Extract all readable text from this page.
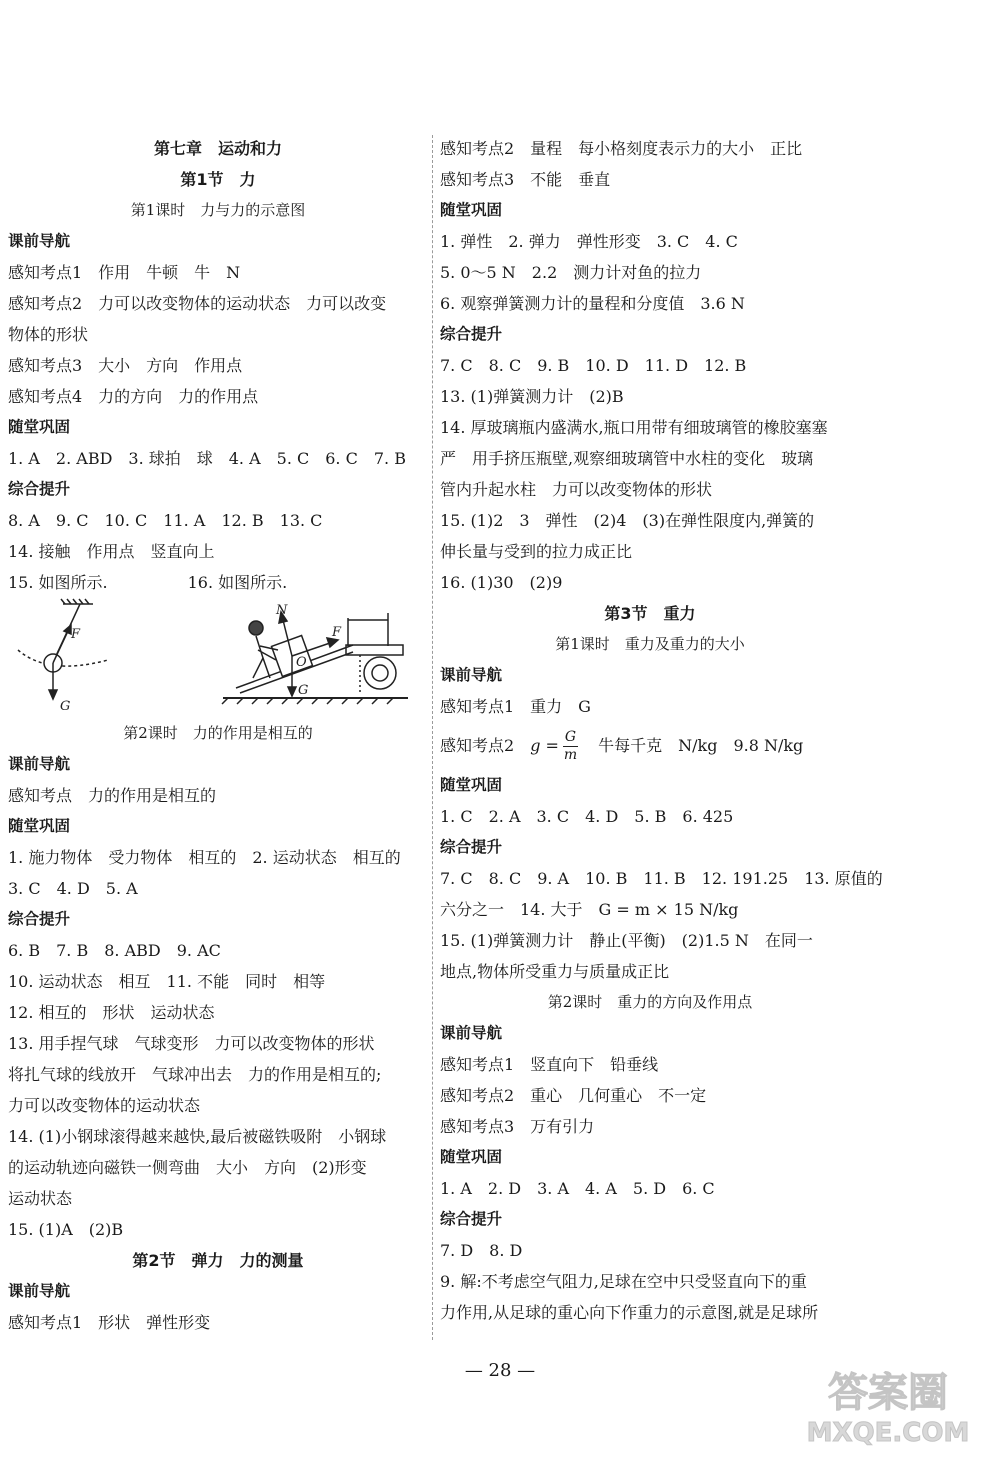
第七章　运动和力
第1节　力
第1课时　力与力的示意图
课前导航
感知考点1　作用　牛顿　牛　N
感知考点2　力可以改变物体的运动状态　力可以改变
物体的形状
感知考点3　大小　方向　作用点
感知考点4　力的方向　力的作用点
随堂巩固
1. A　2. ABD　3. 球拍　球　4. A　5. C　6. C　7. B
综合提升
8. A　9. C　10. C　11. A　12. B　13. C
14. 接触　作用点　竖直向上
15. 如图所示.　　　　　16. 如图所示.
F
G
N
F
G
O
第2课时　力的作用是相互的
课前导航
感知考点　力的作用是相互的
随堂巩固
1. 施力物体　受力物体　相互的　2. 运动状态　相互的
3. C　4. D　5. A
综合提升
6. B　7. B　8. ABD　9. AC
10. 运动状态　相互　11. 不能　同时　相等
12. 相互的　形状　运动状态
13. 用手捏气球　气球变形　力可以改变物体的形状
将扎气球的线放开　气球冲出去　力的作用是相互的;
力可以改变物体的运动状态
14. (1)小钢球滚得越来越快,最后被磁铁吸附　小钢球
的运动轨迹向磁铁一侧弯曲　大小　方向　(2)形变
运动状态
15. (1)A　(2)B
第2节　弹力　力的测量
课前导航
感知考点1　形状　弹性形变
感知考点2　量程　每小格刻度表示力的大小　正比
感知考点3　不能　垂直
随堂巩固
1. 弹性　2. 弹力　弹性形变　3. C　4. C
5. 0～5 N　2.2　测力计对鱼的拉力
6. 观察弹簧测力计的量程和分度值　3.6 N
综合提升
7. C　8. C　9. B　10. D　11. D　12. B
13. (1)弹簧测力计　(2)B
14. 厚玻璃瓶内盛满水,瓶口用带有细玻璃管的橡胶塞塞
严　用手挤压瓶壁,观察细玻璃管中水柱的变化　玻璃
管内升起水柱　力可以改变物体的形状
15. (1)2　3　弹性　(2)4　(3)在弹性限度内,弹簧的
伸长量与受到的拉力成正比
16. (1)30　(2)9
第3节　重力
第1课时　重力及重力的大小
课前导航
感知考点1　重力　G
感知考点2　$g = \frac{G}{m}$ 　牛每千克　N/kg　9.8 N/kg
随堂巩固
1. C　2. A　3. C　4. D　5. B　6. 425
综合提升
7. C　8. C　9. A　10. B　11. B　12. 191.25　13. 原值的
六分之一　14. 大于　G = m × 15 N/kg
15. (1)弹簧测力计　静止(平衡)　(2)1.5 N　在同一
地点,物体所受重力与质量成正比
第2课时　重力的方向及作用点
课前导航
感知考点1　竖直向下　铅垂线
感知考点2　重心　几何重心　不一定
感知考点3　万有引力
随堂巩固
1. A　2. D　3. A　4. A　5. D　6. C
综合提升
7. D　8. D
9. 解:不考虑空气阻力,足球在空中只受竖直向下的重
力作用,从足球的重心向下作重力的示意图,就是足球所
— 28 —	答案圈
MXQE.COM
